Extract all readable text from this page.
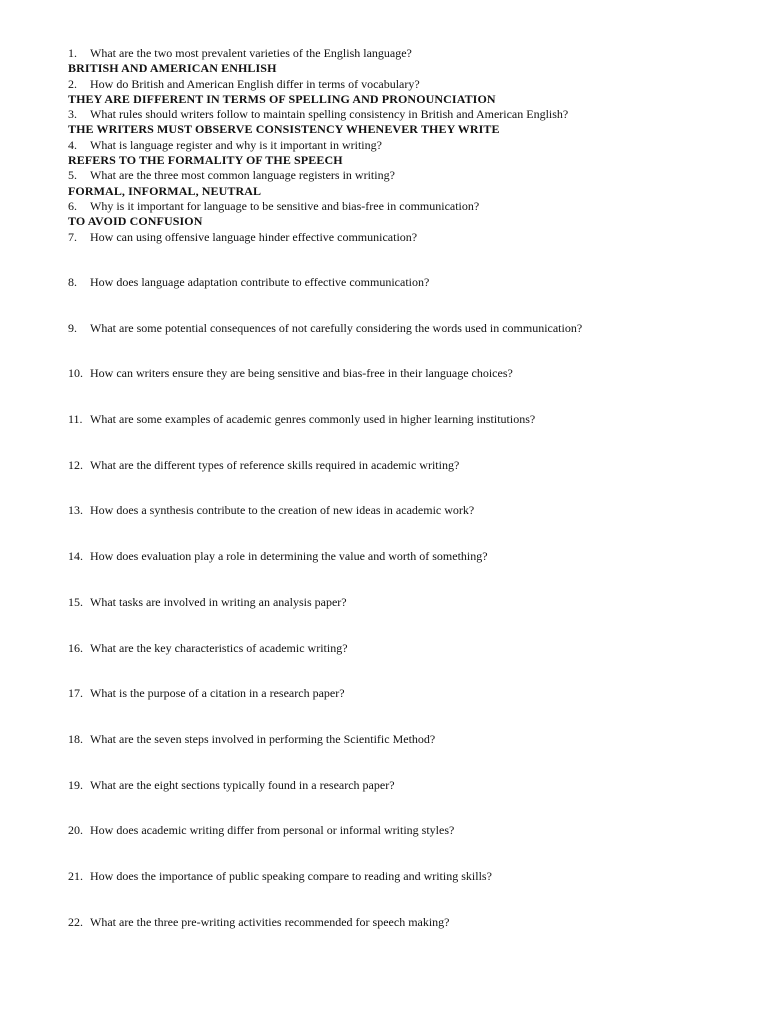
1. What are the two most prevalent varieties of the English language?
BRITISH AND AMERICAN ENHLISH
2. How do British and American English differ in terms of vocabulary?
THEY ARE DIFFERENT IN TERMS OF SPELLING AND PRONOUNCIATION
3. What rules should writers follow to maintain spelling consistency in British and American English?
THE WRITERS MUST OBSERVE CONSISTENCY WHENEVER THEY WRITE
4. What is language register and why is it important in writing?
REFERS TO THE FORMALITY OF THE SPEECH
5. What are the three most common language registers in writing?
FORMAL, INFORMAL, NEUTRAL
6. Why is it important for language to be sensitive and bias-free in communication?
TO AVOID CONFUSION
7. How can using offensive language hinder effective communication?
8. How does language adaptation contribute to effective communication?
9. What are some potential consequences of not carefully considering the words used in communication?
10. How can writers ensure they are being sensitive and bias-free in their language choices?
11. What are some examples of academic genres commonly used in higher learning institutions?
12. What are the different types of reference skills required in academic writing?
13. How does a synthesis contribute to the creation of new ideas in academic work?
14. How does evaluation play a role in determining the value and worth of something?
15. What tasks are involved in writing an analysis paper?
16. What are the key characteristics of academic writing?
17. What is the purpose of a citation in a research paper?
18. What are the seven steps involved in performing the Scientific Method?
19. What are the eight sections typically found in a research paper?
20. How does academic writing differ from personal or informal writing styles?
21. How does the importance of public speaking compare to reading and writing skills?
22. What are the three pre-writing activities recommended for speech making?
